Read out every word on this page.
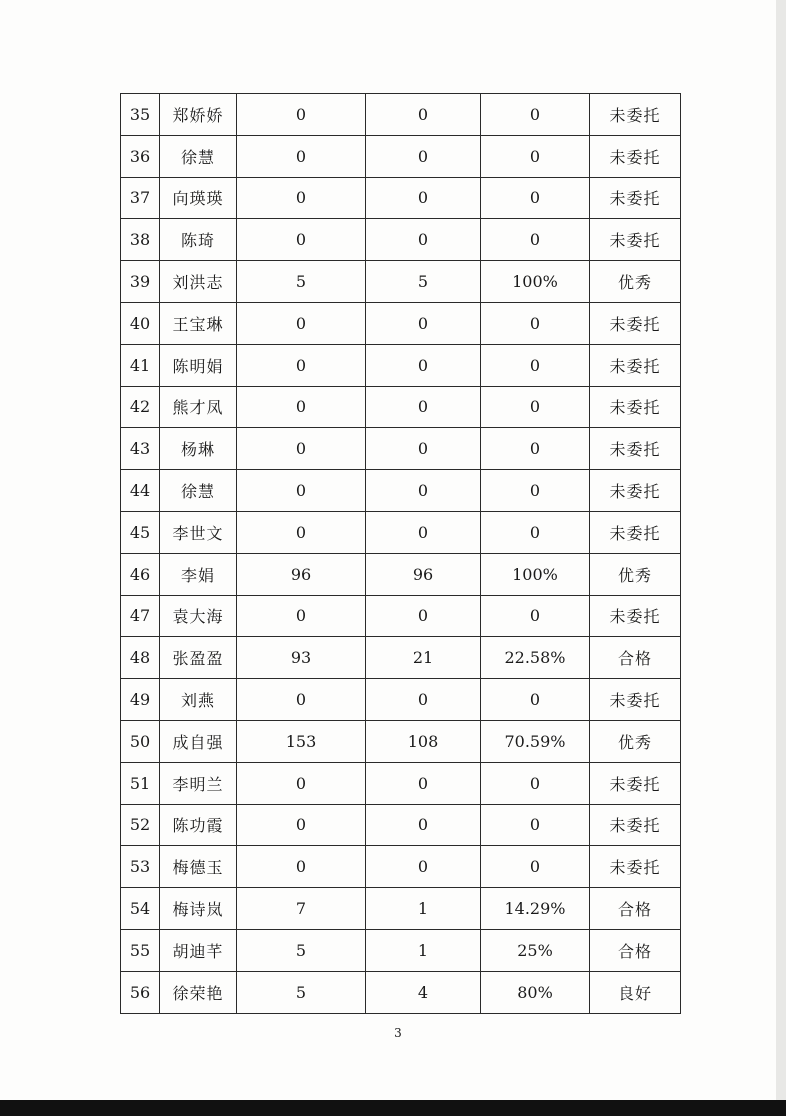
35	郑娇娇	0	0	0	未委托
36	徐慧	0	0	0	未委托
37	向瑛瑛	0	0	0	未委托
38	陈琦	0	0	0	未委托
39	刘洪志	5	5	100%	优秀
40	王宝琳	0	0	0	未委托
41	陈明娟	0	0	0	未委托
42	熊才凤	0	0	0	未委托
43	杨琳	0	0	0	未委托
44	徐慧	0	0	0	未委托
45	李世文	0	0	0	未委托
46	李娟	96	96	100%	优秀
47	袁大海	0	0	0	未委托
48	张盈盈	93	21	22.58%	合格
49	刘燕	0	0	0	未委托
50	成自强	153	108	70.59%	优秀
51	李明兰	0	0	0	未委托
52	陈功霞	0	0	0	未委托
53	梅德玉	0	0	0	未委托
54	梅诗岚	7	1	14.29%	合格
55	胡迪芊	5	1	25%	合格
56	徐荣艳	5	4	80%	良好
3
